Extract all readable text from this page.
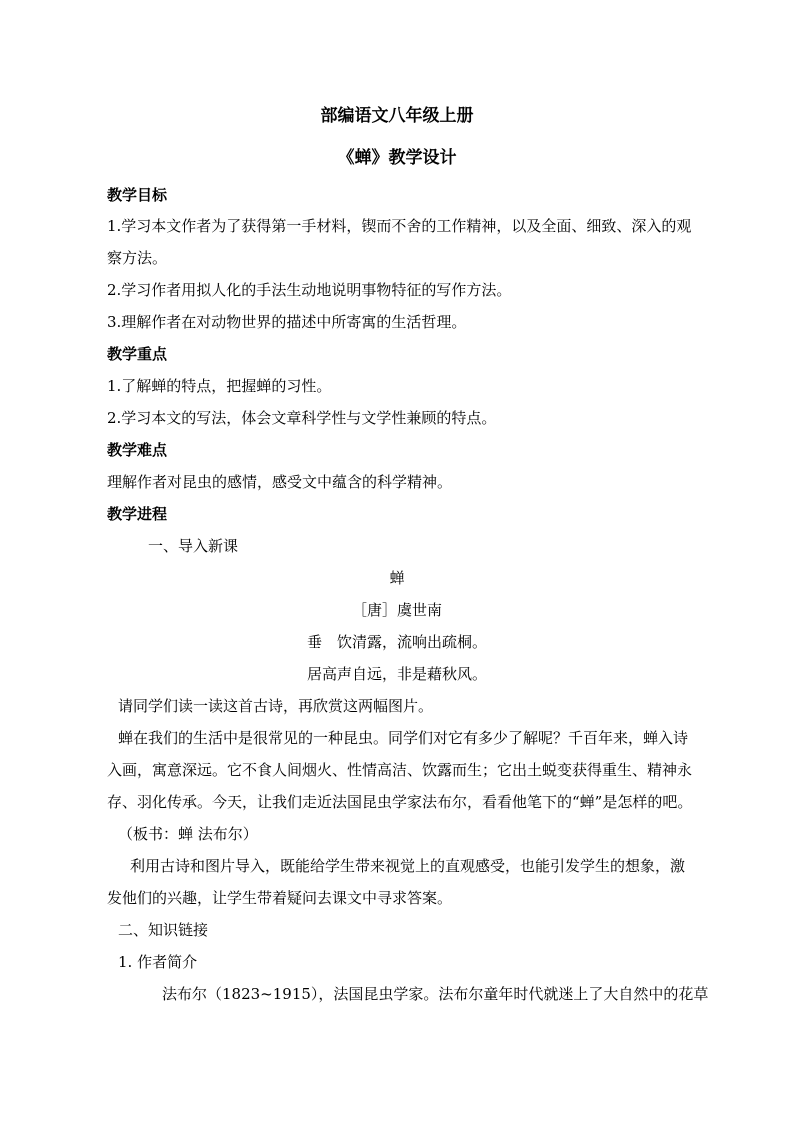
部编语文八年级上册
《蝉》教学设计
教学目标
1.学习本文作者为了获得第一手材料，锲而不舍的工作精神，以及全面、细致、深入的观
察方法。
2.学习作者用拟人化的手法生动地说明事物特征的写作方法。
3.理解作者在对动物世界的描述中所寄寓的生活哲理。
教学重点
1.了解蝉的特点，把握蝉的习性。
2.学习本文的写法，体会文章科学性与文学性兼顾的特点。
教学难点
理解作者对昆虫的感情，感受文中蕴含的科学精神。
教学进程
一、导入新课
蝉
［唐］虞世南
垂　饮清露，流响出疏桐。
居高声自远，非是藉秋风。
请同学们读一读这首古诗，再欣赏这两幅图片。
蝉在我们的生活中是很常见的一种昆虫。同学们对它有多少了解呢？千百年来，蝉入诗
入画，寓意深远。它不食人间烟火、性情高洁、饮露而生；它出土蜕变获得重生、精神永
存、羽化传承。今天，让我们走近法国昆虫学家法布尔，看看他笔下的“蝉”是怎样的吧。
（板书：蝉 法布尔）
利用古诗和图片导入，既能给学生带来视觉上的直观感受，也能引发学生的想象，激
发他们的兴趣，让学生带着疑问去课文中寻求答案。
二、知识链接
1. 作者简介
法布尔（1823~1915），法国昆虫学家。法布尔童年时代就迷上了大自然中的花草
